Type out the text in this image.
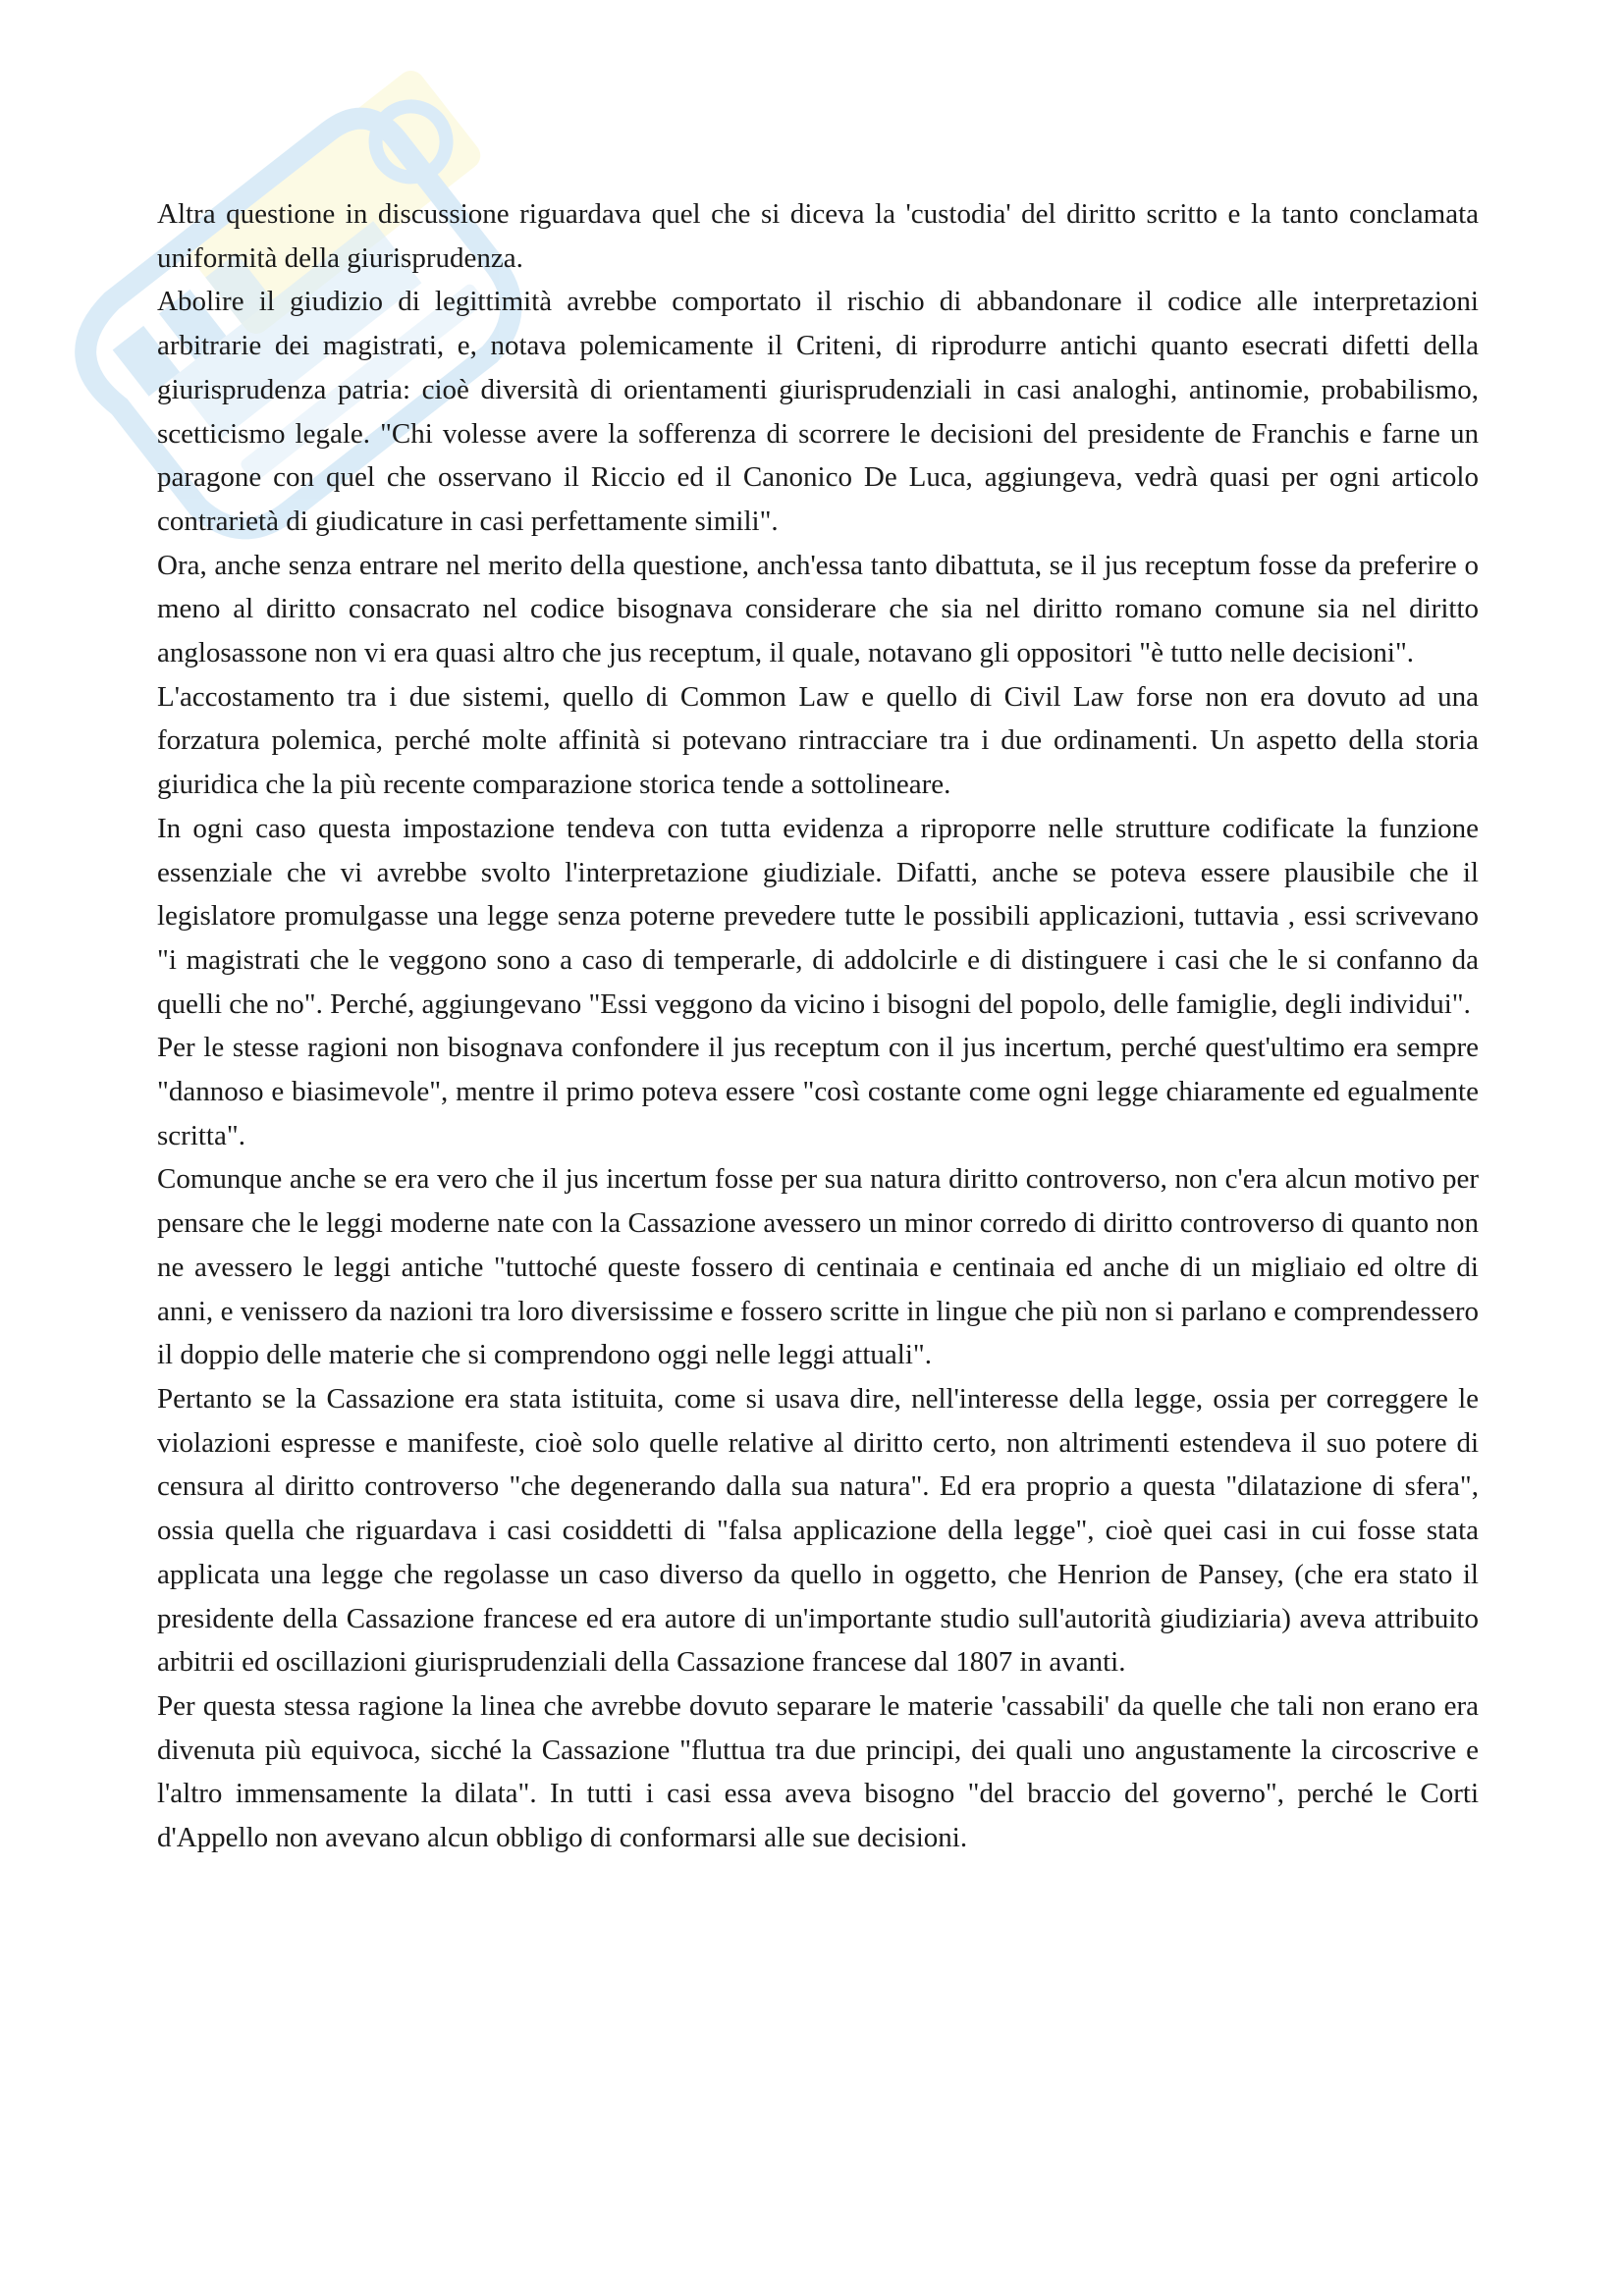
Altra questione in discussione riguardava quel che si diceva la 'custodia' del diritto scritto e la tanto conclamata uniformità della giurisprudenza.

Abolire il giudizio di legittimità avrebbe comportato il rischio di abbandonare il codice alle interpretazioni arbitrarie dei magistrati, e, notava polemicamente il Criteni, di riprodurre antichi quanto esecrati difetti della giurisprudenza patria: cioè diversità di orientamenti giurisprudenziali in casi analoghi, antinomie, probabilismo, scetticismo legale. "Chi volesse avere la sofferenza di scorrere le decisioni del presidente de Franchis e farne un paragone con quel che osservano il Riccio ed il Canonico De Luca, aggiungeva, vedrà quasi per ogni articolo contrarietà di giudicature in casi perfettamente simili".

Ora, anche senza entrare nel merito della questione, anch'essa tanto dibattuta, se il jus receptum fosse da preferire o meno al diritto consacrato nel codice bisognava considerare che sia nel diritto romano comune sia nel diritto anglosassone non vi era quasi altro che jus receptum, il quale, notavano gli oppositori "è tutto nelle decisioni".

L'accostamento tra i due sistemi, quello di Common Law e quello di Civil Law forse non era dovuto ad una forzatura polemica, perché molte affinità si potevano rintracciare tra i due ordinamenti. Un aspetto della storia giuridica che la più recente comparazione storica tende a sottolineare.

In ogni caso questa impostazione tendeva con tutta evidenza a riproporre nelle strutture codificate la funzione essenziale che vi avrebbe svolto l'interpretazione giudiziale. Difatti, anche se poteva essere plausibile che il legislatore promulgasse una legge senza poterne prevedere tutte le possibili applicazioni, tuttavia , essi scrivevano "i magistrati che le veggono sono a caso di temperarle, di addolcirle e di distinguere i casi che le si confanno da quelli che no". Perché, aggiungevano "Essi veggono da vicino i bisogni del popolo, delle famiglie, degli individui".

Per le stesse ragioni non bisognava confondere il jus receptum con il jus incertum, perché quest'ultimo era sempre "dannoso e biasimevole", mentre il primo poteva essere "così costante come ogni legge chiaramente ed egualmente scritta".

Comunque anche se era vero che il jus incertum fosse per sua natura diritto controverso, non c'era alcun motivo per pensare che le leggi moderne nate con la Cassazione avessero un minor corredo di diritto controverso di quanto non ne avessero le leggi antiche "tuttoché queste fossero di centinaia e centinaia ed anche di un migliaio ed oltre di anni, e venissero da nazioni tra loro diversissime e fossero scritte in lingue che più non si parlano e comprendessero il doppio delle materie che si comprendono oggi nelle leggi attuali".

Pertanto se la Cassazione era stata istituita, come si usava dire, nell'interesse della legge, ossia per correggere le violazioni espresse e manifeste, cioè solo quelle relative al diritto certo, non altrimenti estendeva il suo potere di censura al diritto controverso "che degenerando dalla sua natura". Ed era proprio a questa "dilatazione di sfera", ossia quella che riguardava i casi cosiddetti di "falsa applicazione della legge", cioè quei casi in cui fosse stata applicata una legge che regolasse un caso diverso da quello in oggetto, che Henrion de Pansey, (che era stato il presidente della Cassazione francese ed era autore di un'importante studio sull'autorità giudiziaria) aveva attribuito arbitrii ed oscillazioni giurisprudenziali della Cassazione francese dal 1807 in avanti.

Per questa stessa ragione la linea che avrebbe dovuto separare le materie 'cassabili' da quelle che tali non erano era divenuta più equivoca, sicché la Cassazione "fluttua tra due principi, dei quali uno angustamente la circoscrive e l'altro immensamente la dilata". In tutti i casi essa aveva bisogno "del braccio del governo", perché le Corti d'Appello non avevano alcun obbligo di conformarsi alle sue decisioni.
